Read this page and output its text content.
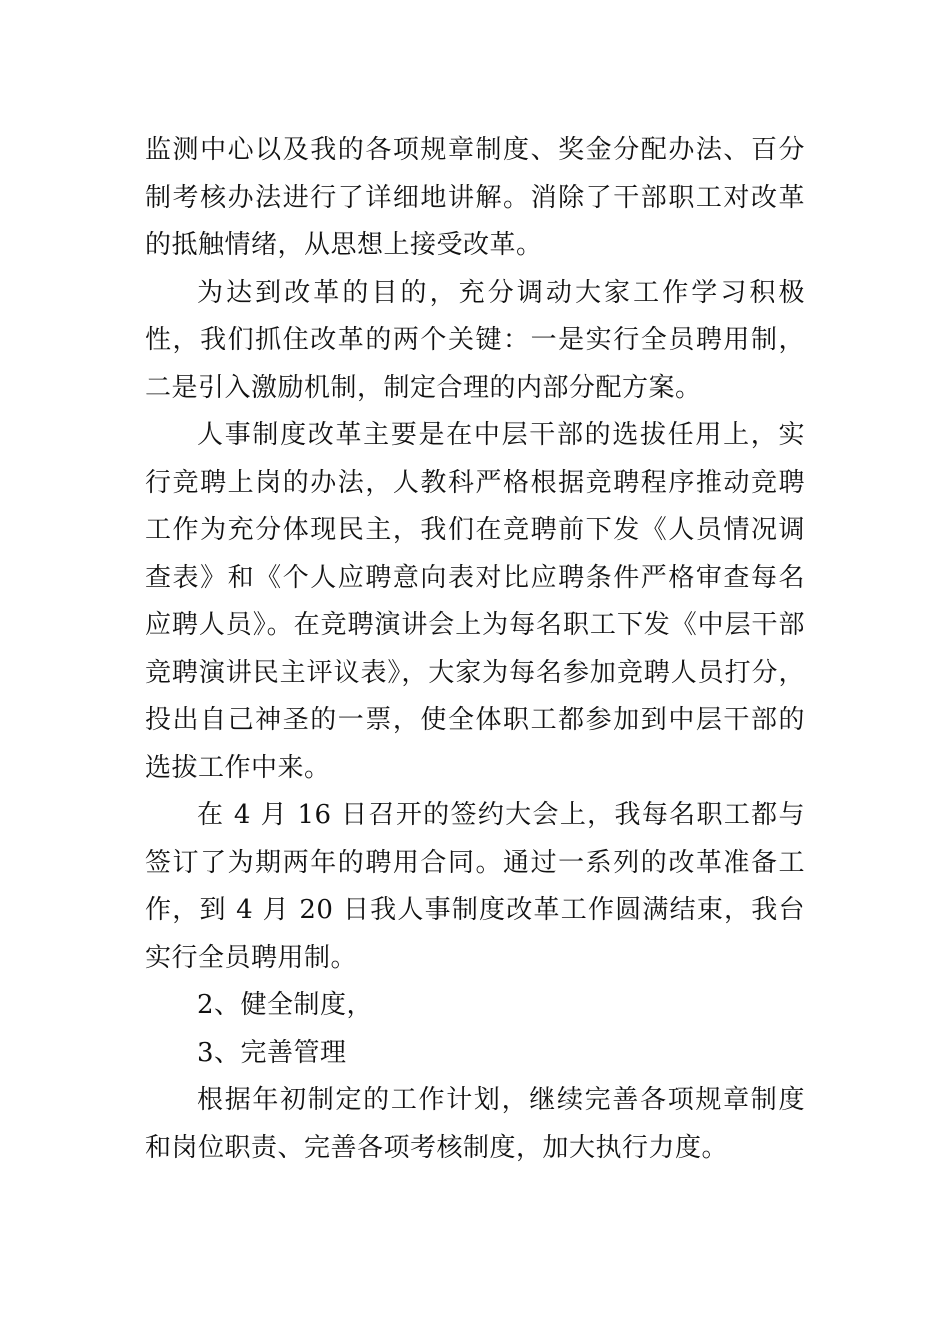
监测中心以及我的各项规章制度、奖金分配办法、百分制考核办法进行了详细地讲解。消除了干部职工对改革的抵触情绪，从思想上接受改革。

为达到改革的目的，充分调动大家工作学习积极性，我们抓住改革的两个关键：一是实行全员聘用制，二是引入激励机制，制定合理的内部分配方案。

人事制度改革主要是在中层干部的选拔任用上，实行竞聘上岗的办法，人教科严格根据竞聘程序推动竞聘工作为充分体现民主，我们在竞聘前下发《人员情况调查表》和《个人应聘意向表对比应聘条件严格审查每名应聘人员》。在竞聘演讲会上为每名职工下发《中层干部竞聘演讲民主评议表》，大家为每名参加竞聘人员打分，投出自己神圣的一票，使全体职工都参加到中层干部的选拔工作中来。

在 4 月 16 日召开的签约大会上，我每名职工都与签订了为期两年的聘用合同。通过一系列的改革准备工作，到 4 月 20 日我人事制度改革工作圆满结束，我台实行全员聘用制。

2、健全制度，

3、完善管理

根据年初制定的工作计划，继续完善各项规章制度和岗位职责、完善各项考核制度，加大执行力度。
